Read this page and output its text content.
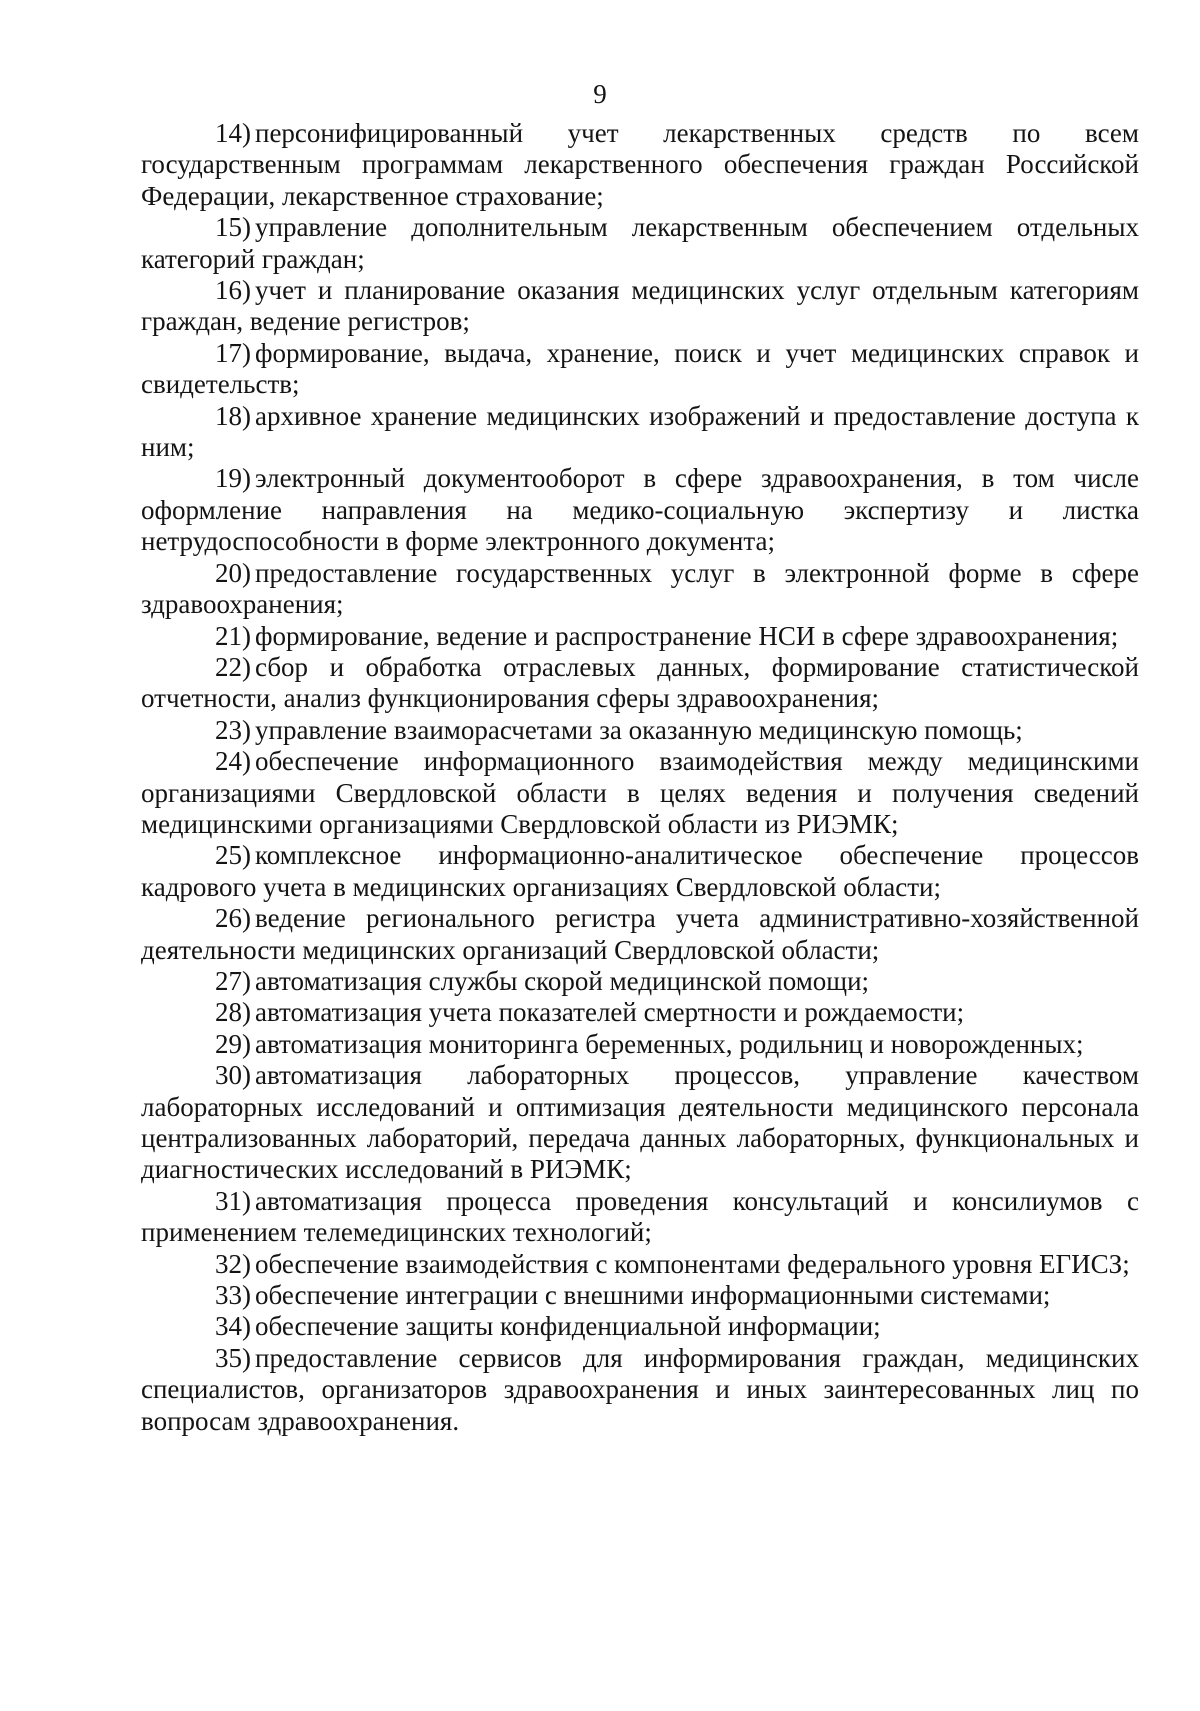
9

14) персонифицированный учет лекарственных средств по всем государственным программам лекарственного обеспечения граждан Российской Федерации, лекарственное страхование;

15) управление дополнительным лекарственным обеспечением отдельных категорий граждан;

16) учет и планирование оказания медицинских услуг отдельным категориям граждан, ведение регистров;

17) формирование, выдача, хранение, поиск и учет медицинских справок и свидетельств;

18) архивное хранение медицинских изображений и предоставление доступа к ним;

19) электронный документооборот в сфере здравоохранения, в том числе оформление направления на медико-социальную экспертизу и листка нетрудоспособности в форме электронного документа;

20) предоставление государственных услуг в электронной форме в сфере здравоохранения;

21) формирование, ведение и распространение НСИ в сфере здравоохранения;

22) сбор и обработка отраслевых данных, формирование статистической отчетности, анализ функционирования сферы здравоохранения;

23) управление взаиморасчетами за оказанную медицинскую помощь;

24) обеспечение информационного взаимодействия между медицинскими организациями Свердловской области в целях ведения и получения сведений медицинскими организациями Свердловской области из РИЭМК;

25) комплексное информационно-аналитическое обеспечение процессов кадрового учета в медицинских организациях Свердловской области;

26) ведение регионального регистра учета административно-хозяйственной деятельности медицинских организаций Свердловской области;

27) автоматизация службы скорой медицинской помощи;

28) автоматизация учета показателей смертности и рождаемости;

29) автоматизация мониторинга беременных, родильниц и новорожденных;

30) автоматизация лабораторных процессов, управление качеством лабораторных исследований и оптимизация деятельности медицинского персонала централизованных лабораторий, передача данных лабораторных, функциональных и диагностических исследований в РИЭМК;

31) автоматизация процесса проведения консультаций и консилиумов с применением телемедицинских технологий;

32) обеспечение взаимодействия с компонентами федерального уровня ЕГИСЗ;

33) обеспечение интеграции с внешними информационными системами;

34) обеспечение защиты конфиденциальной информации;

35) предоставление сервисов для информирования граждан, медицинских специалистов, организаторов здравоохранения и иных заинтересованных лиц по вопросам здравоохранения.
